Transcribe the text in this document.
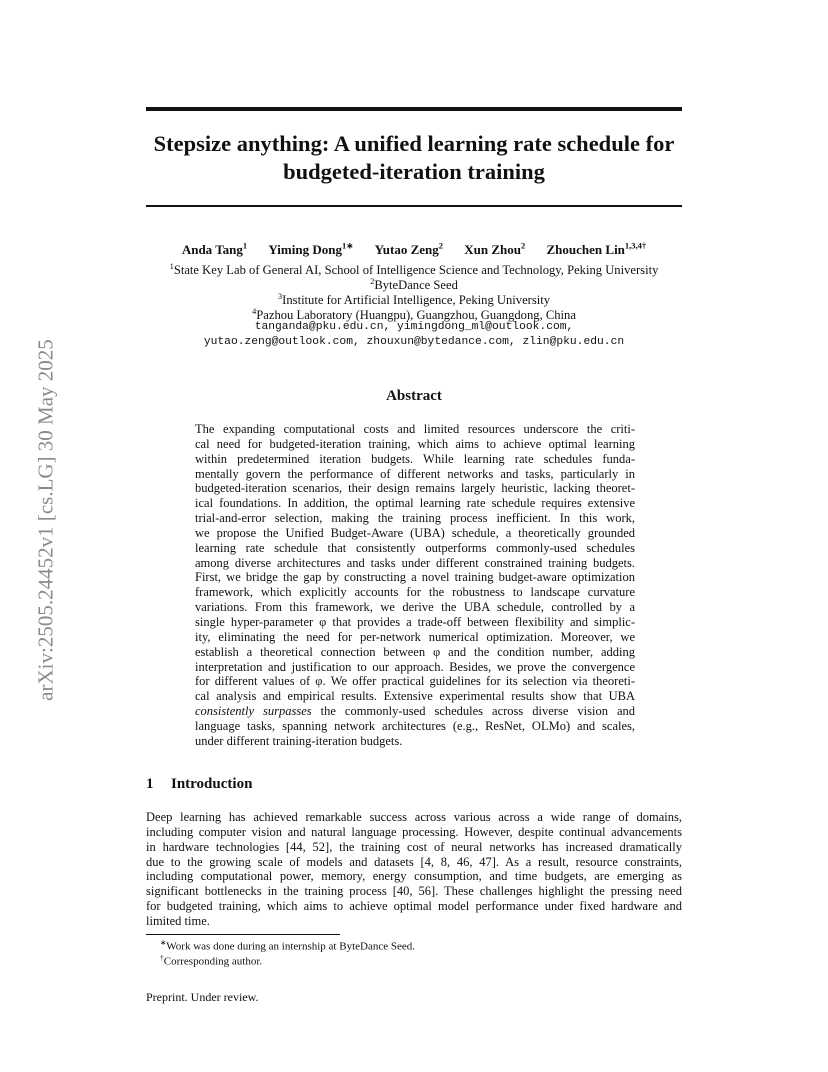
arXiv:2505.24452v1 [cs.LG] 30 May 2025
Stepsize anything: A unified learning rate schedule for
budgeted-iteration training
Anda Tang$^1$ Yiming Dong$^{1∗}$ Yutao Zeng$^2$ Xun Zhou$^2$ Zhouchen Lin$^{1,3,4\dagger}$
$^1$State Key Lab of General AI, School of Intelligence Science and Technology, Peking University
$^2$ByteDance Seed
$^3$Institute for Artificial Intelligence, Peking University
$^4$Pazhou Laboratory (Huangpu), Guangzhou, Guangdong, China
tanganda@pku.edu.cn, yimingdong_ml@outlook.com,
yutao.zeng@outlook.com, zhouxun@bytedance.com, zlin@pku.edu.cn
Abstract
The expanding computational costs and limited resources underscore the criti-
cal need for budgeted-iteration training, which aims to achieve optimal learning
within predetermined iteration budgets. While learning rate schedules funda-
mentally govern the performance of different networks and tasks, particularly in
budgeted-iteration scenarios, their design remains largely heuristic, lacking theoret-
ical foundations. In addition, the optimal learning rate schedule requires extensive
trial-and-error selection, making the training process inefficient. In this work,
we propose the Unified Budget-Aware (UBA) schedule, a theoretically grounded
learning rate schedule that consistently outperforms commonly-used schedules
among diverse architectures and tasks under different constrained training budgets.
First, we bridge the gap by constructing a novel training budget-aware optimization
framework, which explicitly accounts for the robustness to landscape curvature
variations. From this framework, we derive the UBA schedule, controlled by a
single hyper-parameter φ that provides a trade-off between flexibility and simplic-
ity, eliminating the need for per-network numerical optimization. Moreover, we
establish a theoretical connection between φ and the condition number, adding
interpretation and justification to our approach. Besides, we prove the convergence
for different values of φ. We offer practical guidelines for its selection via theoreti-
cal analysis and empirical results. Extensive experimental results show that UBA
consistently surpasses the commonly-used schedules across diverse vision and
language tasks, spanning network architectures (e.g., ResNet, OLMo) and scales,
under different training-iteration budgets.
1 Introduction
Deep learning has achieved remarkable success across various across a wide range of domains,
including computer vision and natural language processing. However, despite continual advancements
in hardware technologies [44, 52], the training cost of neural networks has increased dramatically
due to the growing scale of models and datasets [4, 8, 46, 47]. As a result, resource constraints,
including computational power, memory, energy consumption, and time budgets, are emerging as
significant bottlenecks in the training process [40, 56]. These challenges highlight the pressing need
for budgeted training, which aims to achieve optimal model performance under fixed hardware and
limited time.
∗Work was done during an internship at ByteDance Seed.
†Corresponding author.
Preprint. Under review.
